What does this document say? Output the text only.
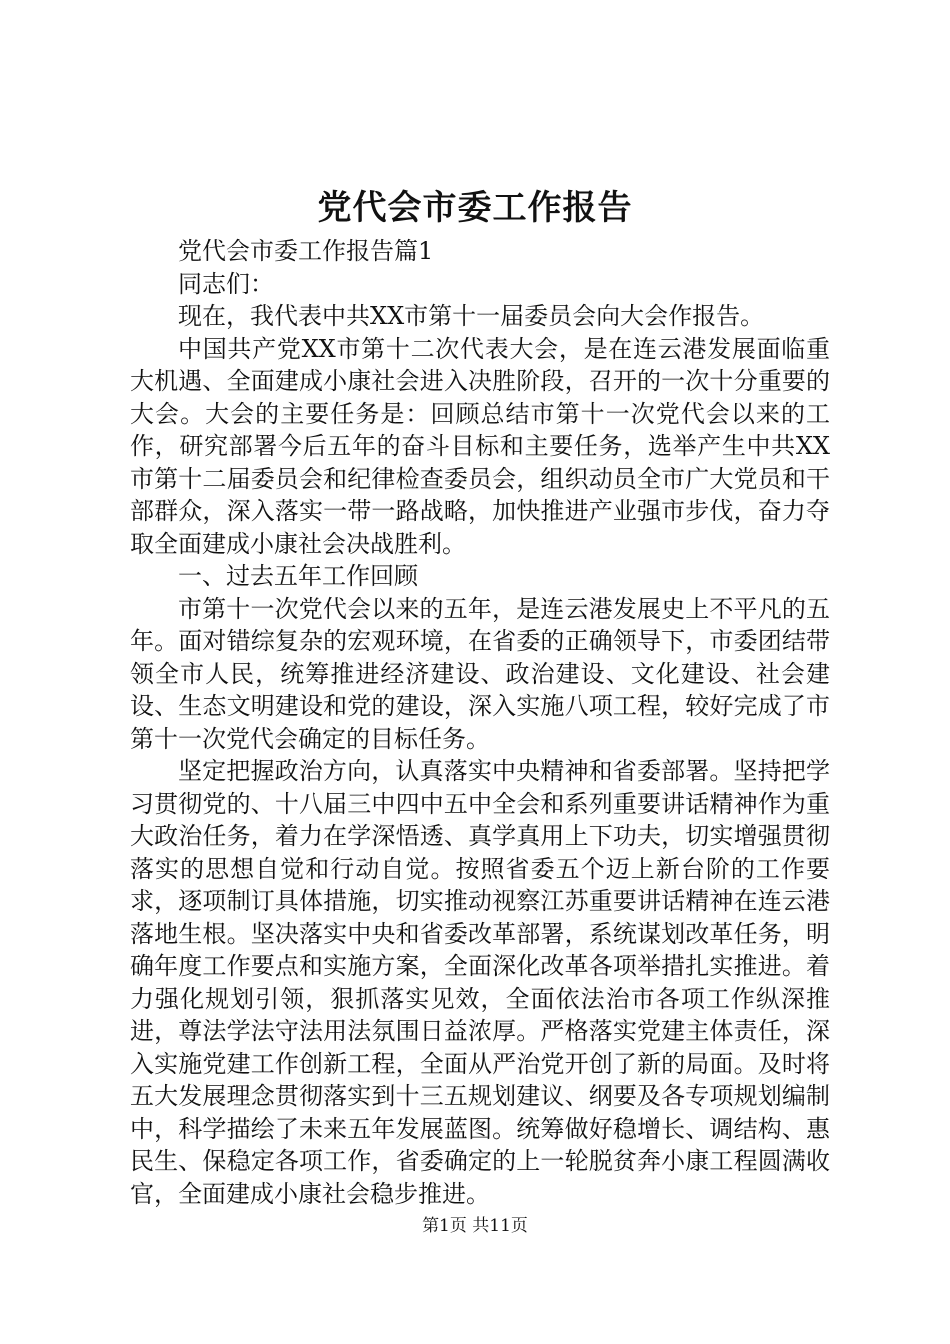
党代会市委工作报告

党代会市委工作报告篇1

同志们：

现在，我代表中共XX市第十一届委员会向大会作报告。

中国共产党XX市第十二次代表大会，是在连云港发展面临重大机遇、全面建成小康社会进入决胜阶段，召开的一次十分重要的大会。大会的主要任务是：回顾总结市第十一次党代会以来的工作，研究部署今后五年的奋斗目标和主要任务，选举产生中共XX市第十二届委员会和纪律检查委员会，组织动员全市广大党员和干部群众，深入落实一带一路战略，加快推进产业强市步伐，奋力夺取全面建成小康社会决战胜利。

一、过去五年工作回顾

市第十一次党代会以来的五年，是连云港发展史上不平凡的五年。面对错综复杂的宏观环境，在省委的正确领导下，市委团结带领全市人民，统筹推进经济建设、政治建设、文化建设、社会建设、生态文明建设和党的建设，深入实施八项工程，较好完成了市第十一次党代会确定的目标任务。

坚定把握政治方向，认真落实中央精神和省委部署。坚持把学习贯彻党的、十八届三中四中五中全会和系列重要讲话精神作为重大政治任务，着力在学深悟透、真学真用上下功夫，切实增强贯彻落实的思想自觉和行动自觉。按照省委五个迈上新台阶的工作要求，逐项制订具体措施，切实推动视察江苏重要讲话精神在连云港落地生根。坚决落实中央和省委改革部署，系统谋划改革任务，明确年度工作要点和实施方案，全面深化改革各项举措扎实推进。着力强化规划引领，狠抓落实见效，全面依法治市各项工作纵深推进，尊法学法守法用法氛围日益浓厚。严格落实党建主体责任，深入实施党建工作创新工程，全面从严治党开创了新的局面。及时将五大发展理念贯彻落实到十三五规划建议、纲要及各专项规划编制中，科学描绘了未来五年发展蓝图。统筹做好稳增长、调结构、惠民生、保稳定各项工作，省委确定的上一轮脱贫奔小康工程圆满收官，全面建成小康社会稳步推进。

第1页 共11页
